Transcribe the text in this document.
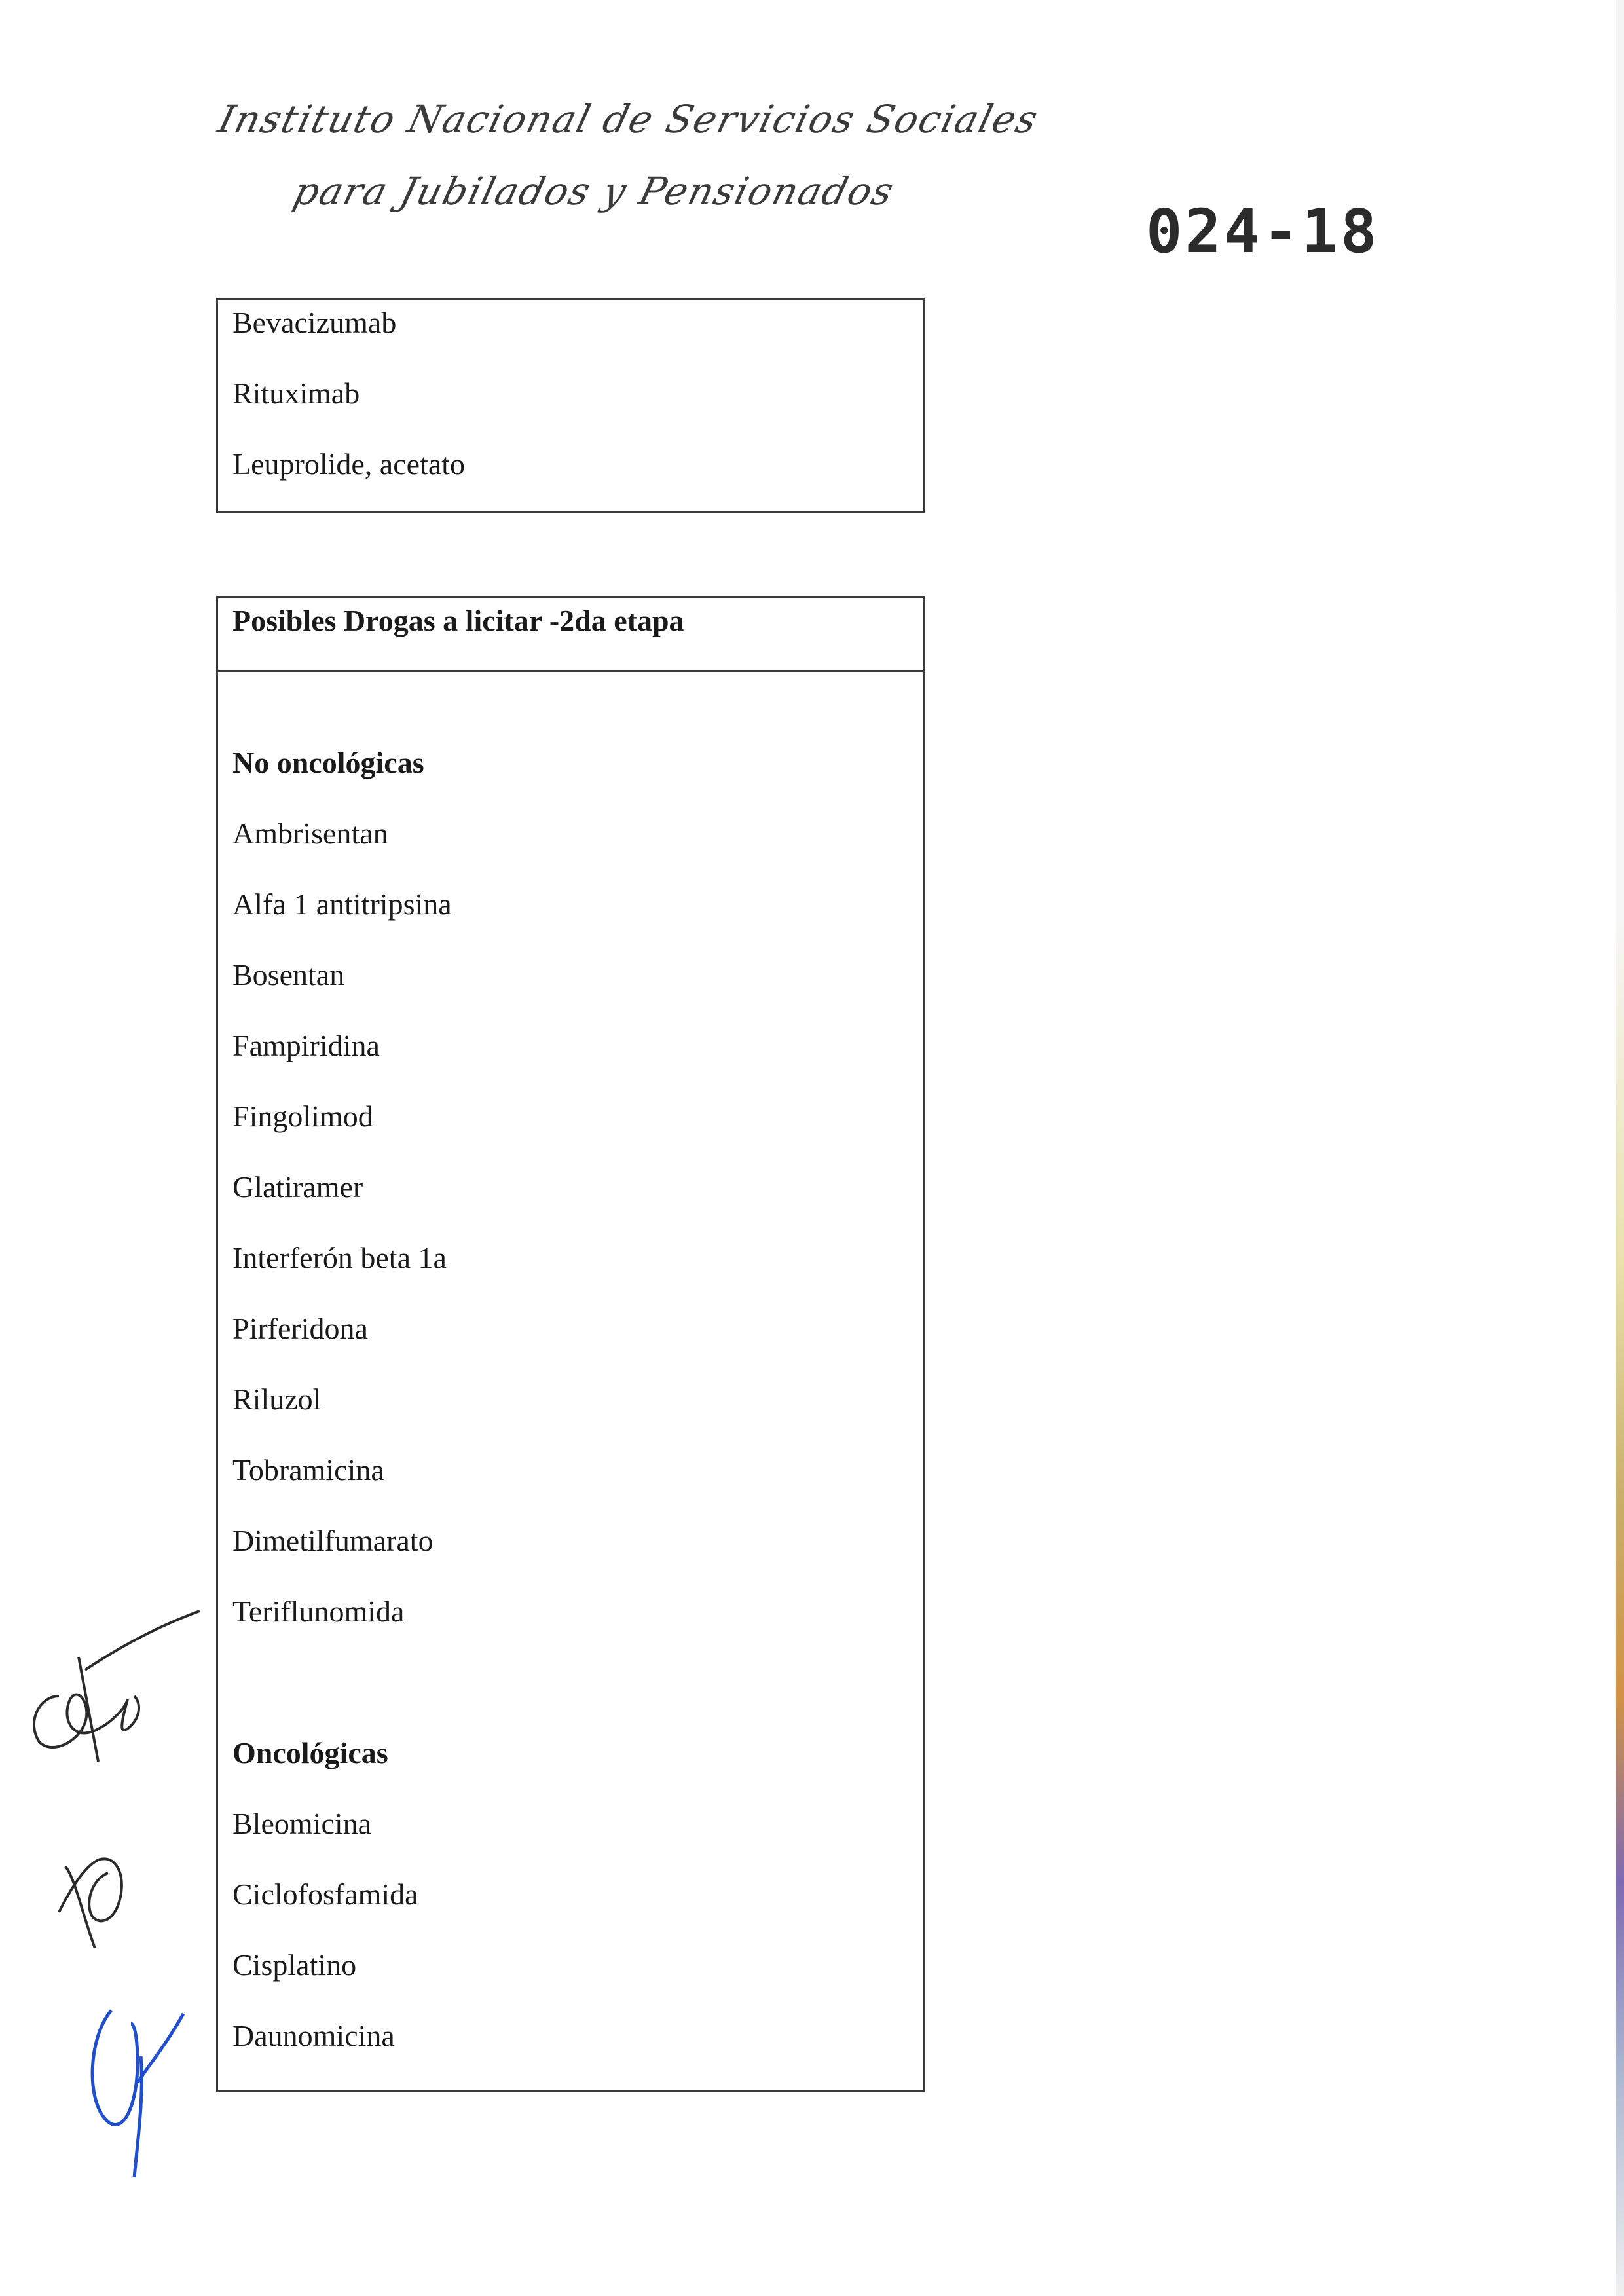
Instituto Nacional de Servicios Sociales
para Jubilados y Pensionados
024-18
Bevacizumab
Rituximab
Leuprolide, acetato
Posibles Drogas a licitar -2da etapa
No oncológicas
Ambrisentan
Alfa 1 antitripsina
Bosentan
Fampiridina
Fingolimod
Glatiramer
Interferón beta 1a
Pirferidona
Riluzol
Tobramicina
Dimetilfumarato
Teriflunomida
Oncológicas
Bleomicina
Ciclofosfamida
Cisplatino
Daunomicina
